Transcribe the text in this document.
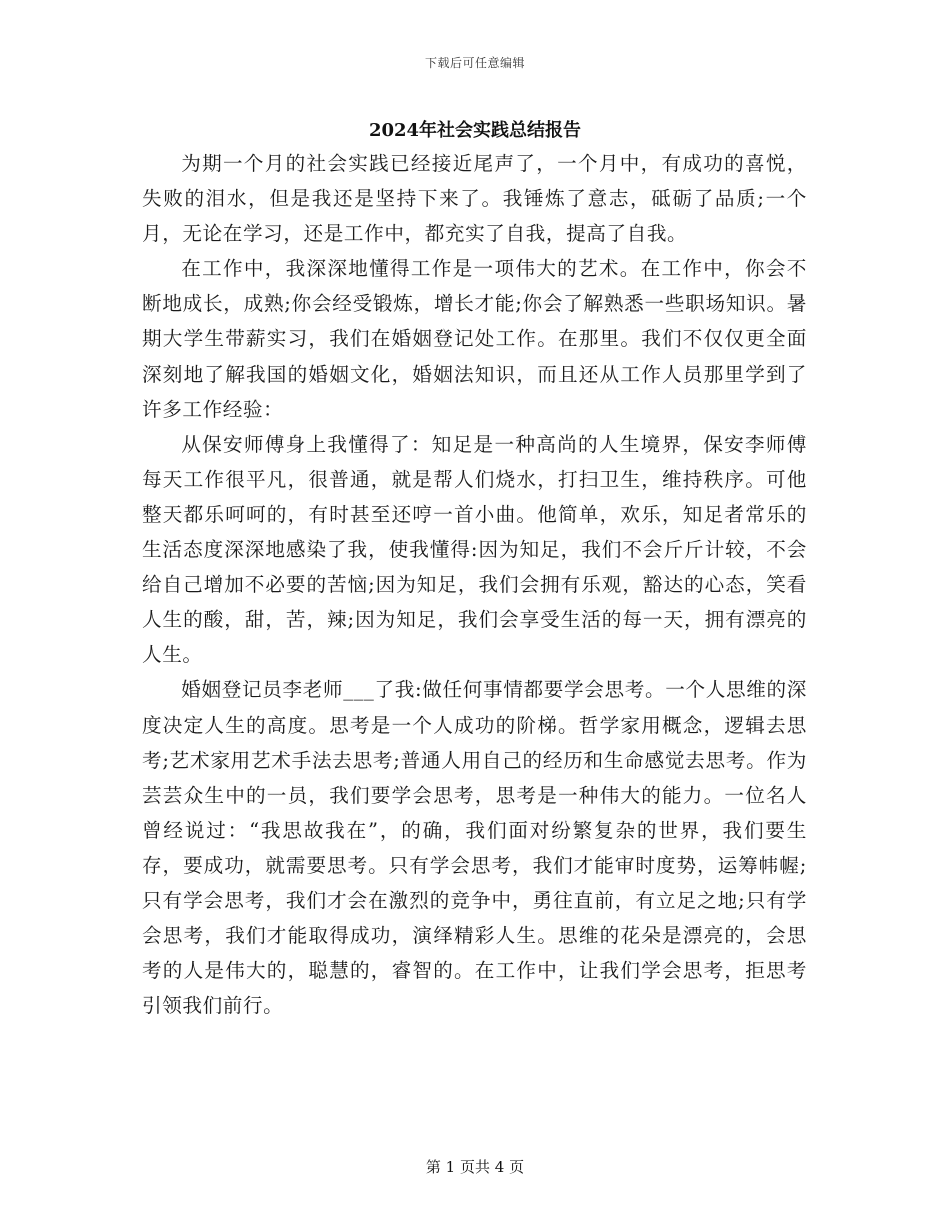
下载后可任意编辑
2024年社会实践总结报告

为期一个月的社会实践已经接近尾声了，一个月中，有成功的喜悦，失败的泪水，但是我还是坚持下来了。我锤炼了意志，砥砺了品质;一个月，无论在学习，还是工作中，都充实了自我，提高了自我。

在工作中，我深深地懂得工作是一项伟大的艺术。在工作中，你会不断地成长，成熟;你会经受锻炼，增长才能;你会了解熟悉一些职场知识。暑期大学生带薪实习，我们在婚姻登记处工作。在那里。我们不仅仅更全面深刻地了解我国的婚姻文化，婚姻法知识，而且还从工作人员那里学到了许多工作经验：

从保安师傅身上我懂得了：知足是一种高尚的人生境界，保安李师傅每天工作很平凡，很普通，就是帮人们烧水，打扫卫生，维持秩序。可他整天都乐呵呵的，有时甚至还哼一首小曲。他简单，欢乐，知足者常乐的生活态度深深地感染了我，使我懂得:因为知足，我们不会斤斤计较，不会给自己增加不必要的苦恼;因为知足，我们会拥有乐观，豁达的心态，笑看人生的酸，甜，苦，辣;因为知足，我们会享受生活的每一天，拥有漂亮的人生。

婚姻登记员李老师___了我:做任何事情都要学会思考。一个人思维的深度决定人生的高度。思考是一个人成功的阶梯。哲学家用概念，逻辑去思考;艺术家用艺术手法去思考;普通人用自己的经历和生命感觉去思考。作为芸芸众生中的一员，我们要学会思考，思考是一种伟大的能力。一位名人曾经说过：“我思故我在”，的确，我们面对纷繁复杂的世界，我们要生存，要成功，就需要思考。只有学会思考，我们才能审时度势，运筹帏幄;只有学会思考，我们才会在激烈的竞争中，勇往直前，有立足之地;只有学会思考，我们才能取得成功，演绎精彩人生。思维的花朵是漂亮的，会思考的人是伟大的，聪慧的，睿智的。在工作中，让我们学会思考，拒思考引领我们前行。

第 1 页共 4 页
